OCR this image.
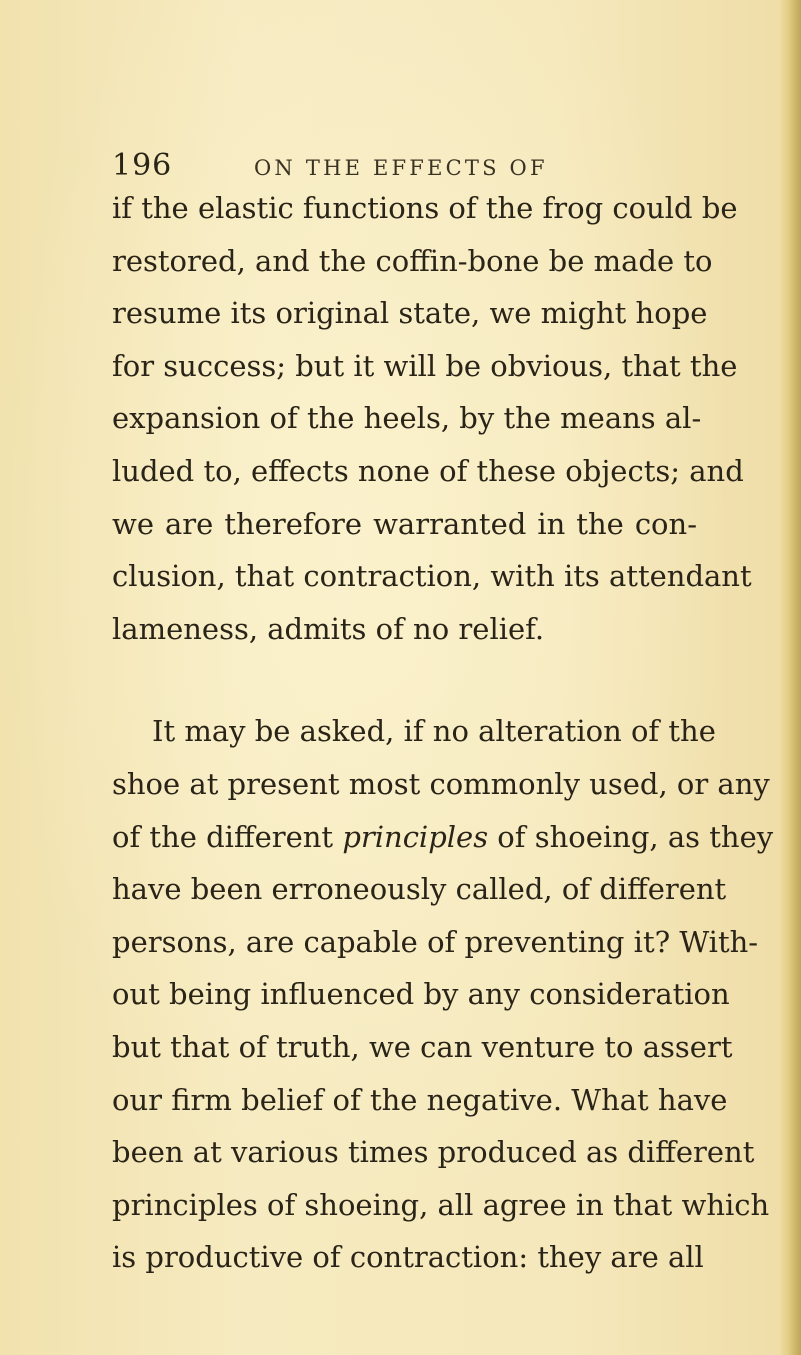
196	ON THE EFFECTS OF
if the elastic functions of the frog could be
restored, and the coffin-bone be made to
resume its original state, we might hope
for success; but it will be obvious, that the
expansion of the heels, by the means al-
luded to, effects none of these objects; and
we are therefore warranted in the con-
clusion, that contraction, with its attendant
lameness, admits of no relief.
It may be asked, if no alteration of the
shoe at present most commonly used, or any
of the different principles of shoeing, as they
have been erroneously called, of different
persons, are capable of preventing it? With-
out being influenced by any consideration
but that of truth, we can venture to assert
our firm belief of the negative. What have
been at various times produced as different
principles of shoeing, all agree in that which
is productive of contraction: they are all
